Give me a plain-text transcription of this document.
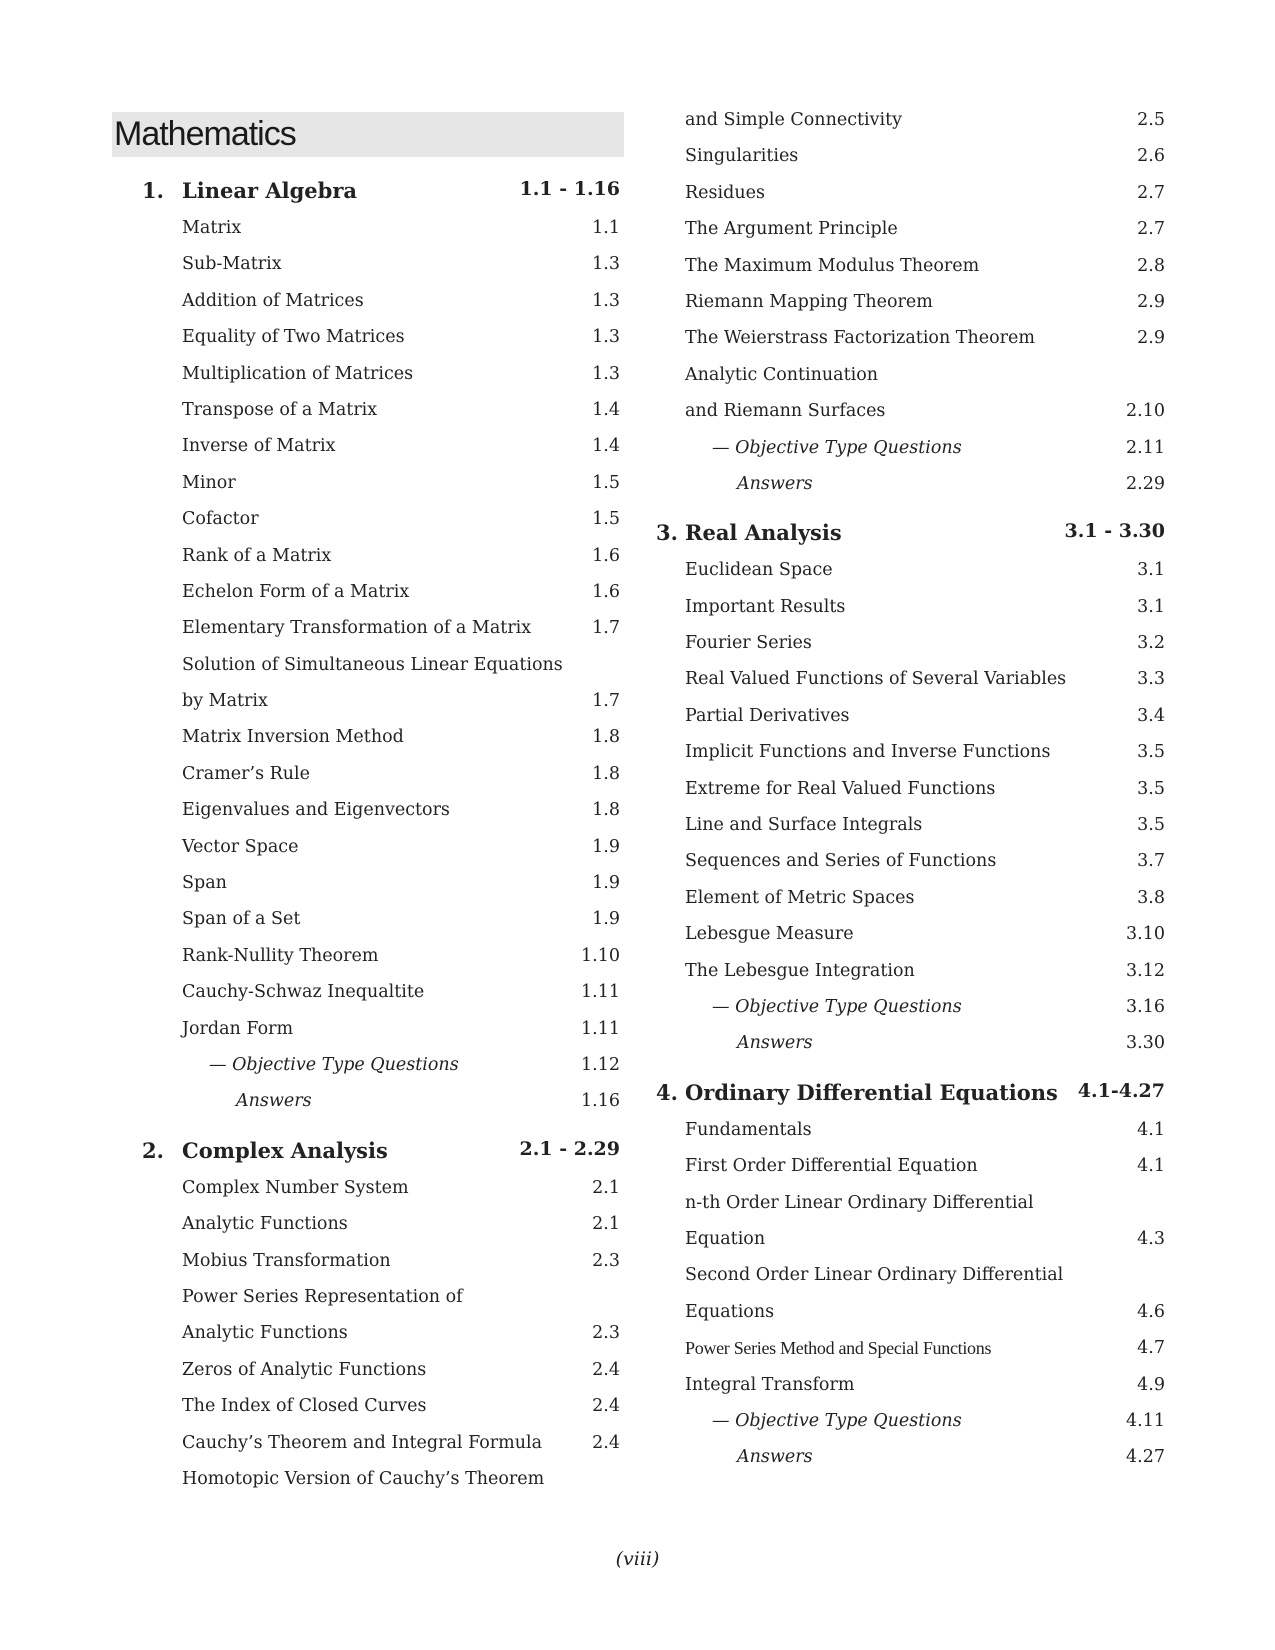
Mathematics
1. Linear Algebra	1.1 - 1.16
Matrix	1.1
Sub-Matrix	1.3
Addition of Matrices	1.3
Equality of Two Matrices	1.3
Multiplication of Matrices	1.3
Transpose of a Matrix	1.4
Inverse of Matrix	1.4
Minor	1.5
Cofactor	1.5
Rank of a Matrix	1.6
Echelon Form of a Matrix	1.6
Elementary Transformation of a Matrix	1.7
Solution of Simultaneous Linear Equations
by Matrix	1.7
Matrix Inversion Method	1.8
Cramer’s Rule	1.8
Eigenvalues and Eigenvectors	1.8
Vector Space	1.9
Span	1.9
Span of a Set	1.9
Rank-Nullity Theorem	1.10
Cauchy-Schwaz Inequaltite	1.11
Jordan Form	1.11
— Objective Type Questions	1.12
Answers	1.16
2. Complex Analysis	2.1 - 2.29
Complex Number System	2.1
Analytic Functions	2.1
Mobius Transformation	2.3
Power Series Representation of
Analytic Functions	2.3
Zeros of Analytic Functions	2.4
The Index of Closed Curves	2.4
Cauchy’s Theorem and Integral Formula	2.4
Homotopic Version of Cauchy’s Theorem
and Simple Connectivity	2.5
Singularities	2.6
Residues	2.7
The Argument Principle	2.7
The Maximum Modulus Theorem	2.8
Riemann Mapping Theorem	2.9
The Weierstrass Factorization Theorem	2.9
Analytic Continuation
and Riemann Surfaces	2.10
— Objective Type Questions	2.11
Answers	2.29
3. Real Analysis	3.1 - 3.30
Euclidean Space	3.1
Important Results	3.1
Fourier Series	3.2
Real Valued Functions of Several Variables	3.3
Partial Derivatives	3.4
Implicit Functions and Inverse Functions	3.5
Extreme for Real Valued Functions	3.5
Line and Surface Integrals	3.5
Sequences and Series of Functions	3.7
Element of Metric Spaces	3.8
Lebesgue Measure	3.10
The Lebesgue Integration	3.12
— Objective Type Questions	3.16
Answers	3.30
4. Ordinary Differential Equations 4.1-4.27
Fundamentals	4.1
First Order Differential Equation	4.1
n-th Order Linear Ordinary Differential
Equation	4.3
Second Order Linear Ordinary Differential
Equations	4.6
Power Series Method and Special Functions	4.7
Integral Transform	4.9
— Objective Type Questions	4.11
Answers	4.27
(viii)
